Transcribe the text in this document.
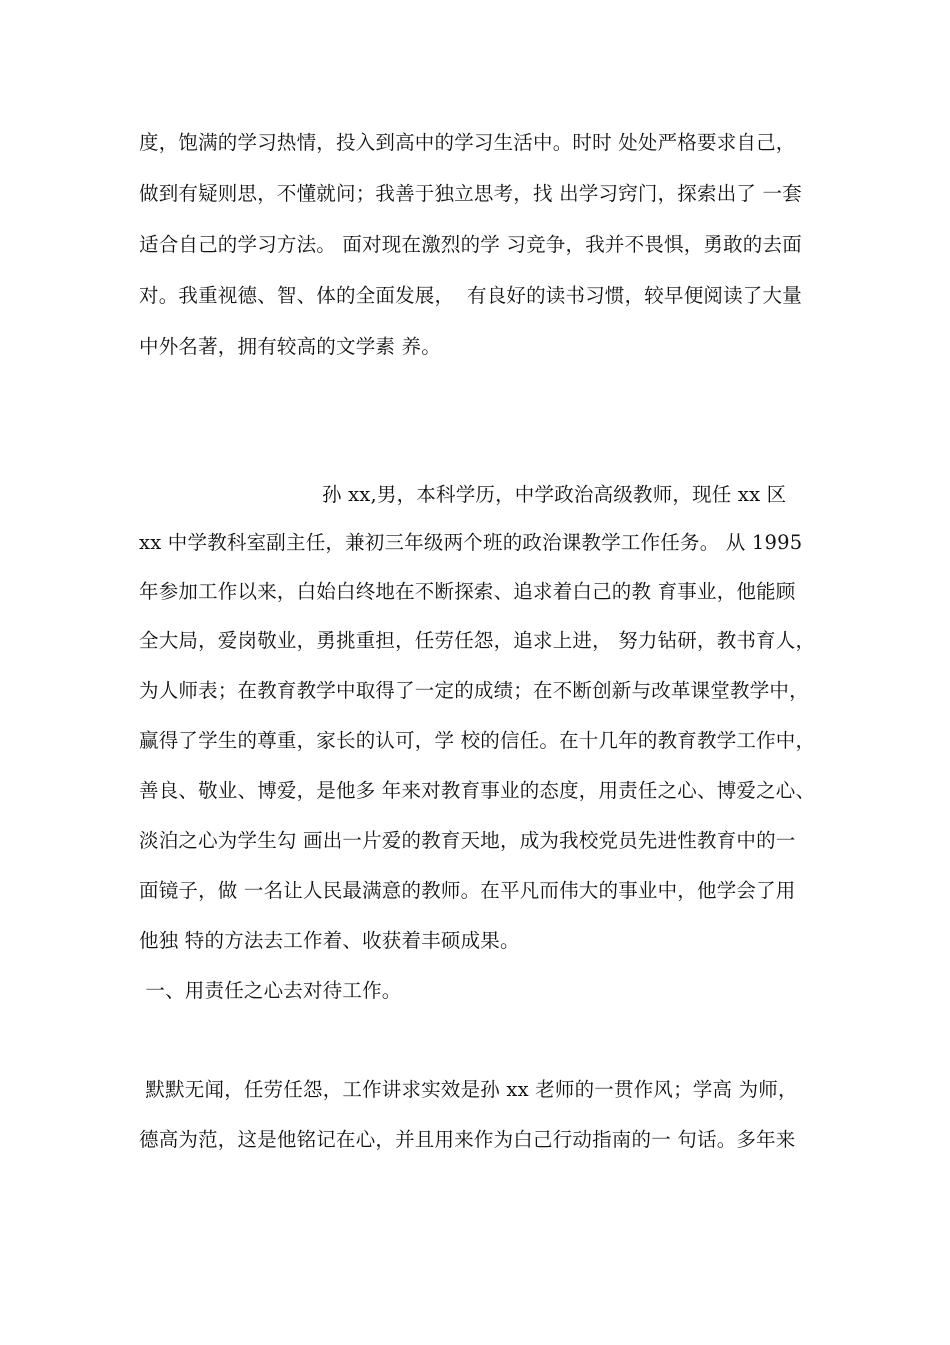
度，饱满的学习热情，投入到高中的学习生活中。时时 处处严格要求自己，
做到有疑则思，不懂就问；我善于独立思考，找 出学习窍门，探索出了 一套
适合自己的学习方法。 面对现在激烈的学 习竞争，我并不畏惧，勇敢的去面
对。我重视德、智、体的全面发展，  有良好的读书习惯，较早便阅读了大量
中外名著，拥有较高的文学素 养。
孙 xx,男，本科学历，中学政治高级教师，现任 xx 区
xx 中学教科室副主任，兼初三年级两个班的政治课教学工作任务。 从 1995
年参加工作以来，白始白终地在不断探索、追求着白己的教 育事业，他能顾
全大局，爱岗敬业，勇挑重担，任劳任怨，追求上进， 努力钻研，教书育人，
为人师表；在教育教学中取得了一定的成绩；在不断创新与改革课堂教学中，
赢得了学生的尊重，家长的认可，学 校的信任。在十几年的教育教学工作中，
善良、敬业、博爱，是他多 年来对教育事业的态度，用责任之心、博爱之心、
淡泊之心为学生勾 画出一片爱的教育天地，成为我校党员先进性教育中的一
面镜子，做 一名让人民最满意的教师。在平凡而伟大的事业中，他学会了用
他独 特的方法去工作着、收获着丰硕成果。
一、用责任之心去对待工作。
默默无闻，任劳任怨，工作讲求实效是孙 xx 老师的一贯作风；学高 为师，
德高为范，这是他铭记在心，并且用来作为白己行动指南的一 句话。多年来
